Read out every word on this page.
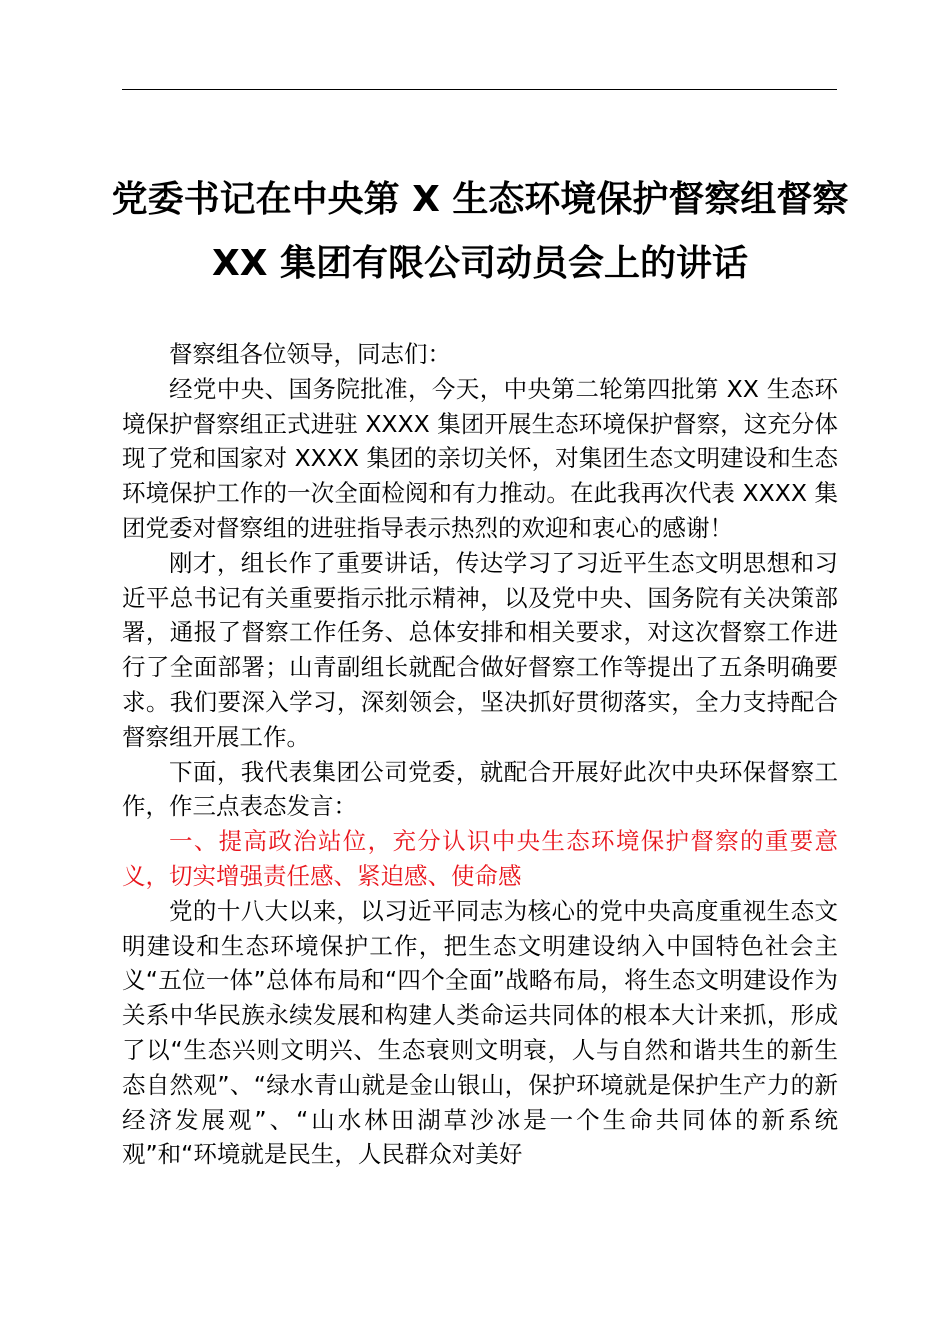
党委书记在中央第 X 生态环境保护督察组督察
XX 集团有限公司动员会上的讲话

督察组各位领导，同志们：

经党中央、国务院批准，今天，中央第二轮第四批第 XX 生态环境保护督察组正式进驻 XXXX 集团开展生态环境保护督察，这充分体现了党和国家对 XXXX 集团的亲切关怀，对集团生态文明建设和生态环境保护工作的一次全面检阅和有力推动。在此我再次代表 XXXX 集团党委对督察组的进驻指导表示热烈的欢迎和衷心的感谢！

刚才，组长作了重要讲话，传达学习了习近平生态文明思想和习近平总书记有关重要指示批示精神，以及党中央、国务院有关决策部署，通报了督察工作任务、总体安排和相关要求，对这次督察工作进行了全面部署；山青副组长就配合做好督察工作等提出了五条明确要求。我们要深入学习，深刻领会，坚决抓好贯彻落实，全力支持配合督察组开展工作。

下面，我代表集团公司党委，就配合开展好此次中央环保督察工作，作三点表态发言：

一、提高政治站位，充分认识中央生态环境保护督察的重要意义，切实增强责任感、紧迫感、使命感

党的十八大以来，以习近平同志为核心的党中央高度重视生态文明建设和生态环境保护工作，把生态文明建设纳入中国特色社会主义“五位一体”总体布局和“四个全面”战略布局，将生态文明建设作为关系中华民族永续发展和构建人类命运共同体的根本大计来抓，形成了以“生态兴则文明兴、生态衰则文明衰，人与自然和谐共生的新生态自然观”、“绿水青山就是金山银山，保护环境就是保护生产力的新经济发展观”、“山水林田湖草沙冰是一个生命共同体的新系统观”和“环境就是民生，人民群众对美好
